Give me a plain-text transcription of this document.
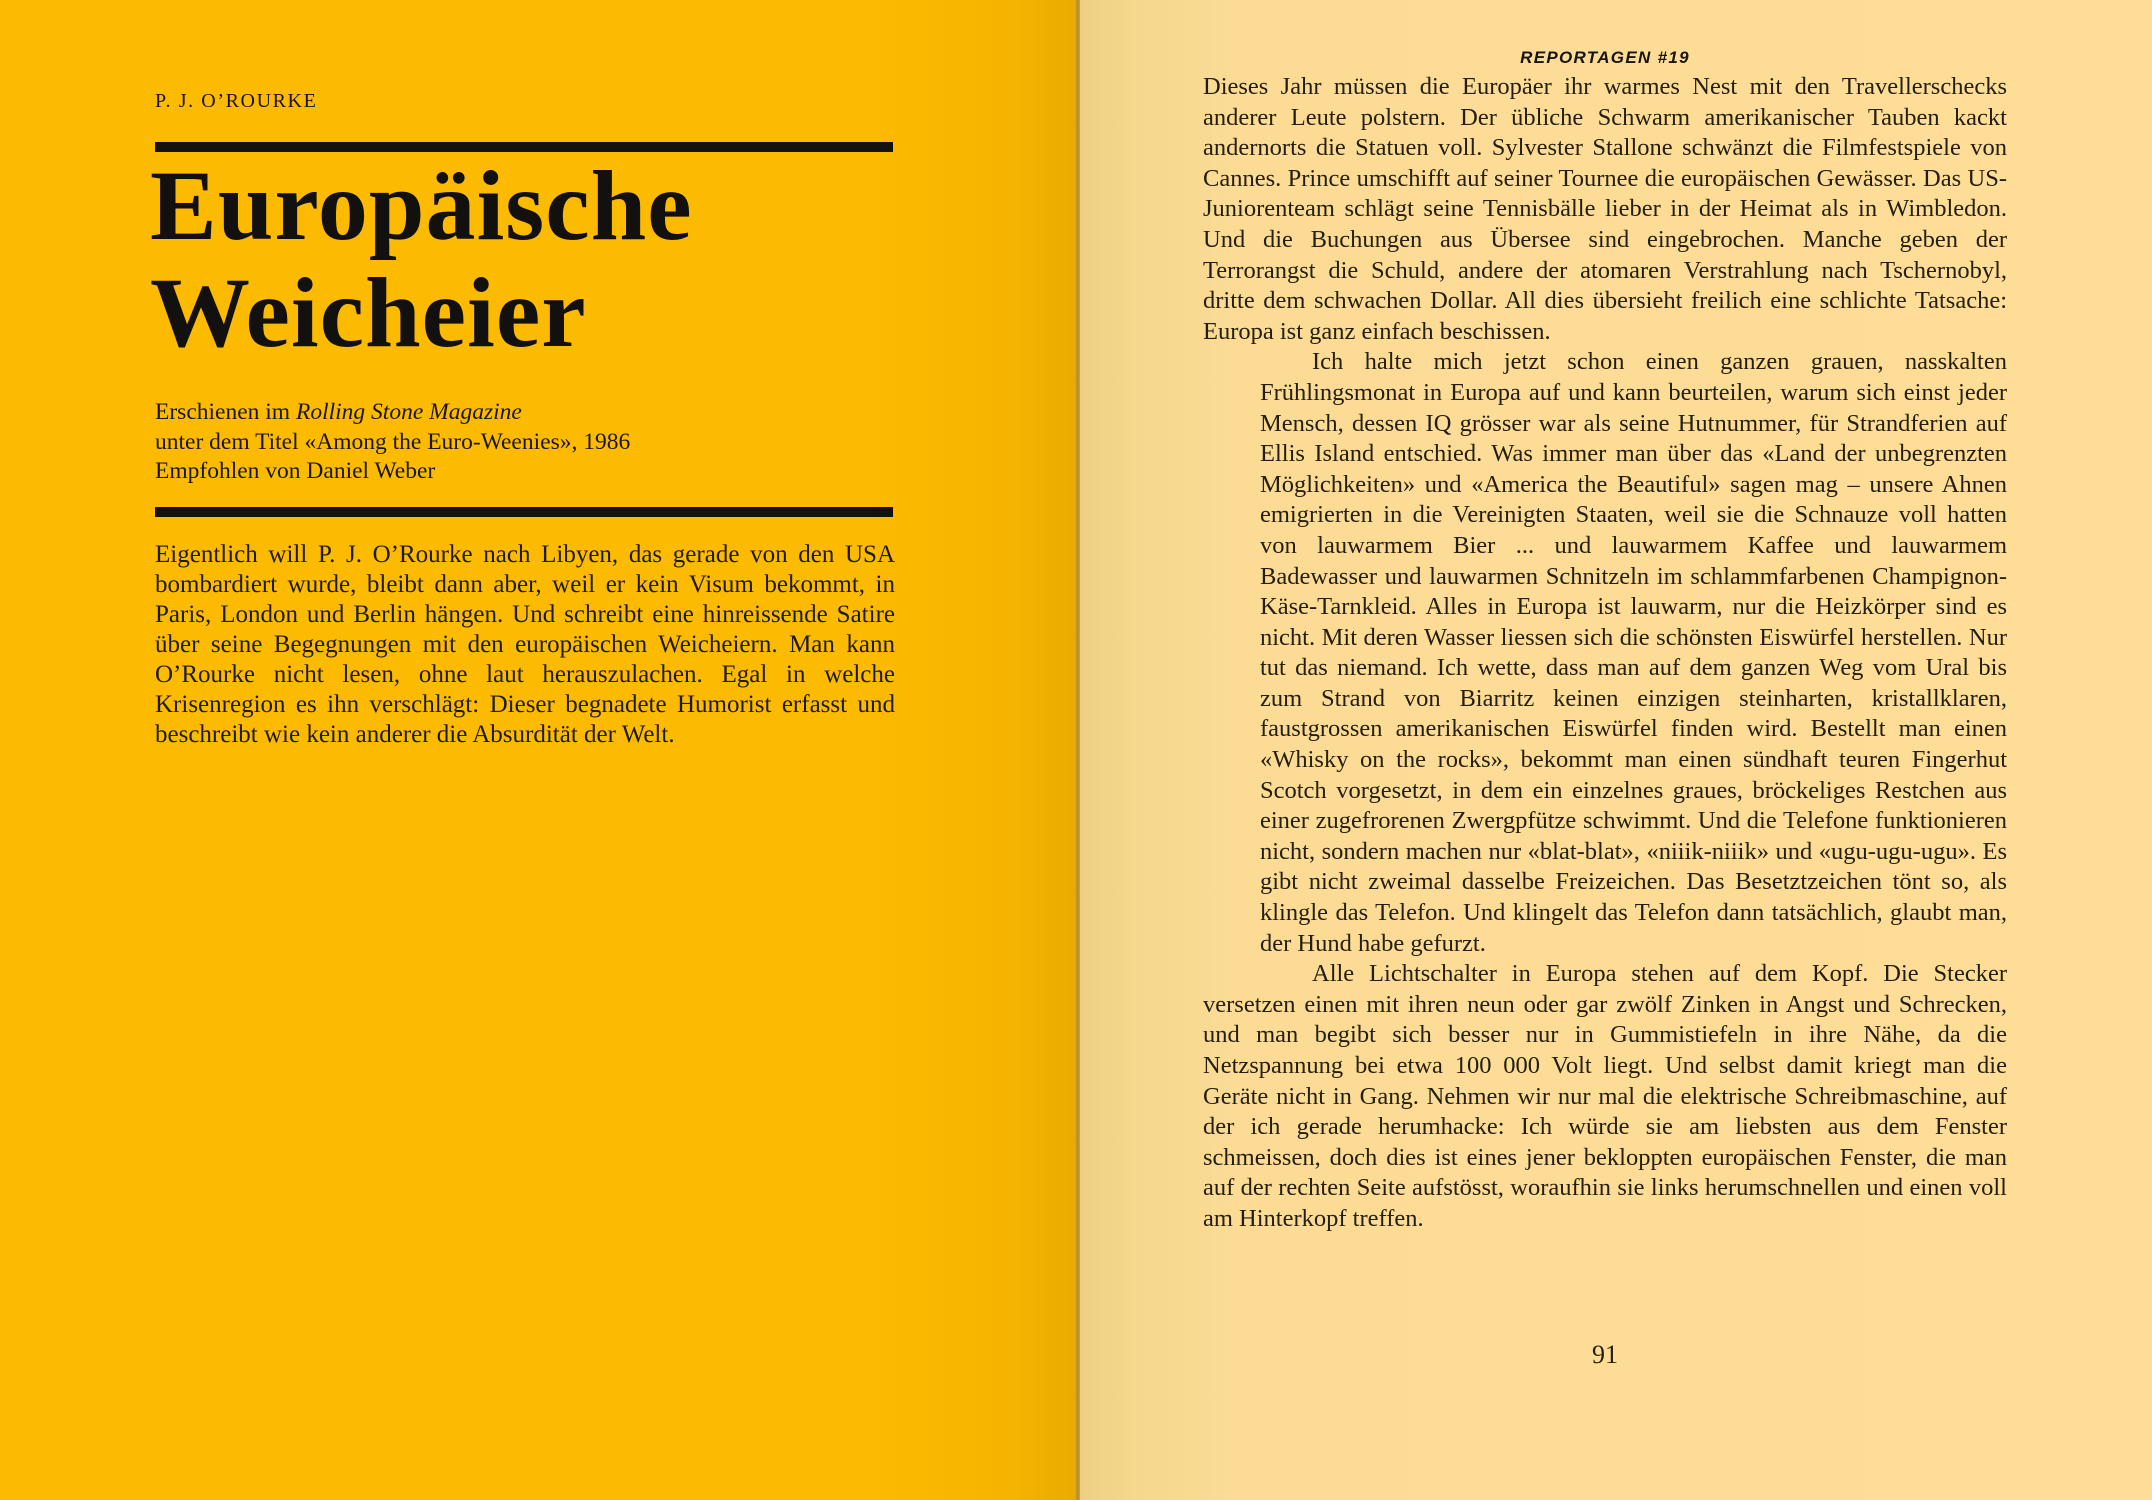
P. J. O’ROURKE
Europäische
Weicheier
Erschienen im Rolling Stone Magazine
unter dem Titel «Among the Euro-Weenies», 1986
Empfohlen von Daniel Weber
Eigentlich will P. J. O’Rourke nach Libyen, das gerade von den USA bombardiert wurde, bleibt dann aber, weil er kein Visum bekommt, in Paris, London und Berlin hängen. Und schreibt eine hinreissende Satire über seine Begegnungen mit den europäischen Weicheiern. Man kann O’Rourke nicht lesen, ohne laut herauszulachen. Egal in welche Krisenregion es ihn verschlägt: Dieser begnadete Humorist erfasst und beschreibt wie kein anderer die Absurdität der Welt.
REPORTAGEN #19

Dieses Jahr müssen die Europäer ihr warmes Nest mit den Travellerschecks anderer Leute polstern. Der übliche Schwarm amerikanischer Tauben kackt andernorts die Statuen voll. Sylvester Stallone schwänzt die Filmfestspiele von Cannes. Prince umschifft auf seiner Tournee die europäischen Gewässer. Das US-Juniorenteam schlägt seine Tennisbälle lieber in der Heimat als in Wimbledon. Und die Buchungen aus Übersee sind eingebrochen. Manche geben der Terrorangst die Schuld, andere der atomaren Verstrahlung nach Tschernobyl, dritte dem schwachen Dollar. All dies übersieht freilich eine schlichte Tatsache: Europa ist ganz einfach beschissen.

Ich halte mich jetzt schon einen ganzen grauen, nasskalten Frühlingsmonat in Europa auf und kann beurteilen, warum sich einst jeder Mensch, dessen IQ grösser war als seine Hutnummer, für Strandferien auf Ellis Island entschied. Was immer man über das «Land der unbegrenzten Möglichkeiten» und «America the Beautiful» sagen mag – unsere Ahnen emigrierten in die Vereinigten Staaten, weil sie die Schnauze voll hatten von lauwarmem Bier ... und lauwarmem Kaffee und lauwarmem Badewasser und lauwarmen Schnitzeln im schlammfarbenen Champignon-Käse-Tarnkleid. Alles in Europa ist lauwarm, nur die Heizkörper sind es nicht. Mit deren Wasser liessen sich die schönsten Eiswürfel herstellen. Nur tut das niemand. Ich wette, dass man auf dem ganzen Weg vom Ural bis zum Strand von Biarritz keinen einzigen steinharten, kristallklaren, faustgrossen amerikanischen Eiswürfel finden wird. Bestellt man einen «Whisky on the rocks», bekommt man einen sündhaft teuren Fingerhut Scotch vorgesetzt, in dem ein einzelnes graues, bröckeliges Restchen aus einer zugefrorenen Zwergpfütze schwimmt. Und die Telefone funktionieren nicht, sondern machen nur «blat-blat», «niiik-niiik» und «ugu-ugu-ugu». Es gibt nicht zweimal dasselbe Freizeichen. Das Besetztzeichen tönt so, als klingle das Telefon. Und klingelt das Telefon dann tatsächlich, glaubt man, der Hund habe gefurzt.

Alle Lichtschalter in Europa stehen auf dem Kopf. Die Stecker versetzen einen mit ihren neun oder gar zwölf Zinken in Angst und Schrecken, und man begibt sich besser nur in Gummistiefeln in ihre Nähe, da die Netzspannung bei etwa 100 000 Volt liegt. Und selbst damit kriegt man die Geräte nicht in Gang. Nehmen wir nur mal die elektrische Schreibmaschine, auf der ich gerade herumhacke: Ich würde sie am liebsten aus dem Fenster schmeissen, doch dies ist eines jener bekloppten europäischen Fenster, die man auf der rechten Seite aufstösst, woraufhin sie links herumschnellen und einen voll am Hinterkopf treffen.

91
